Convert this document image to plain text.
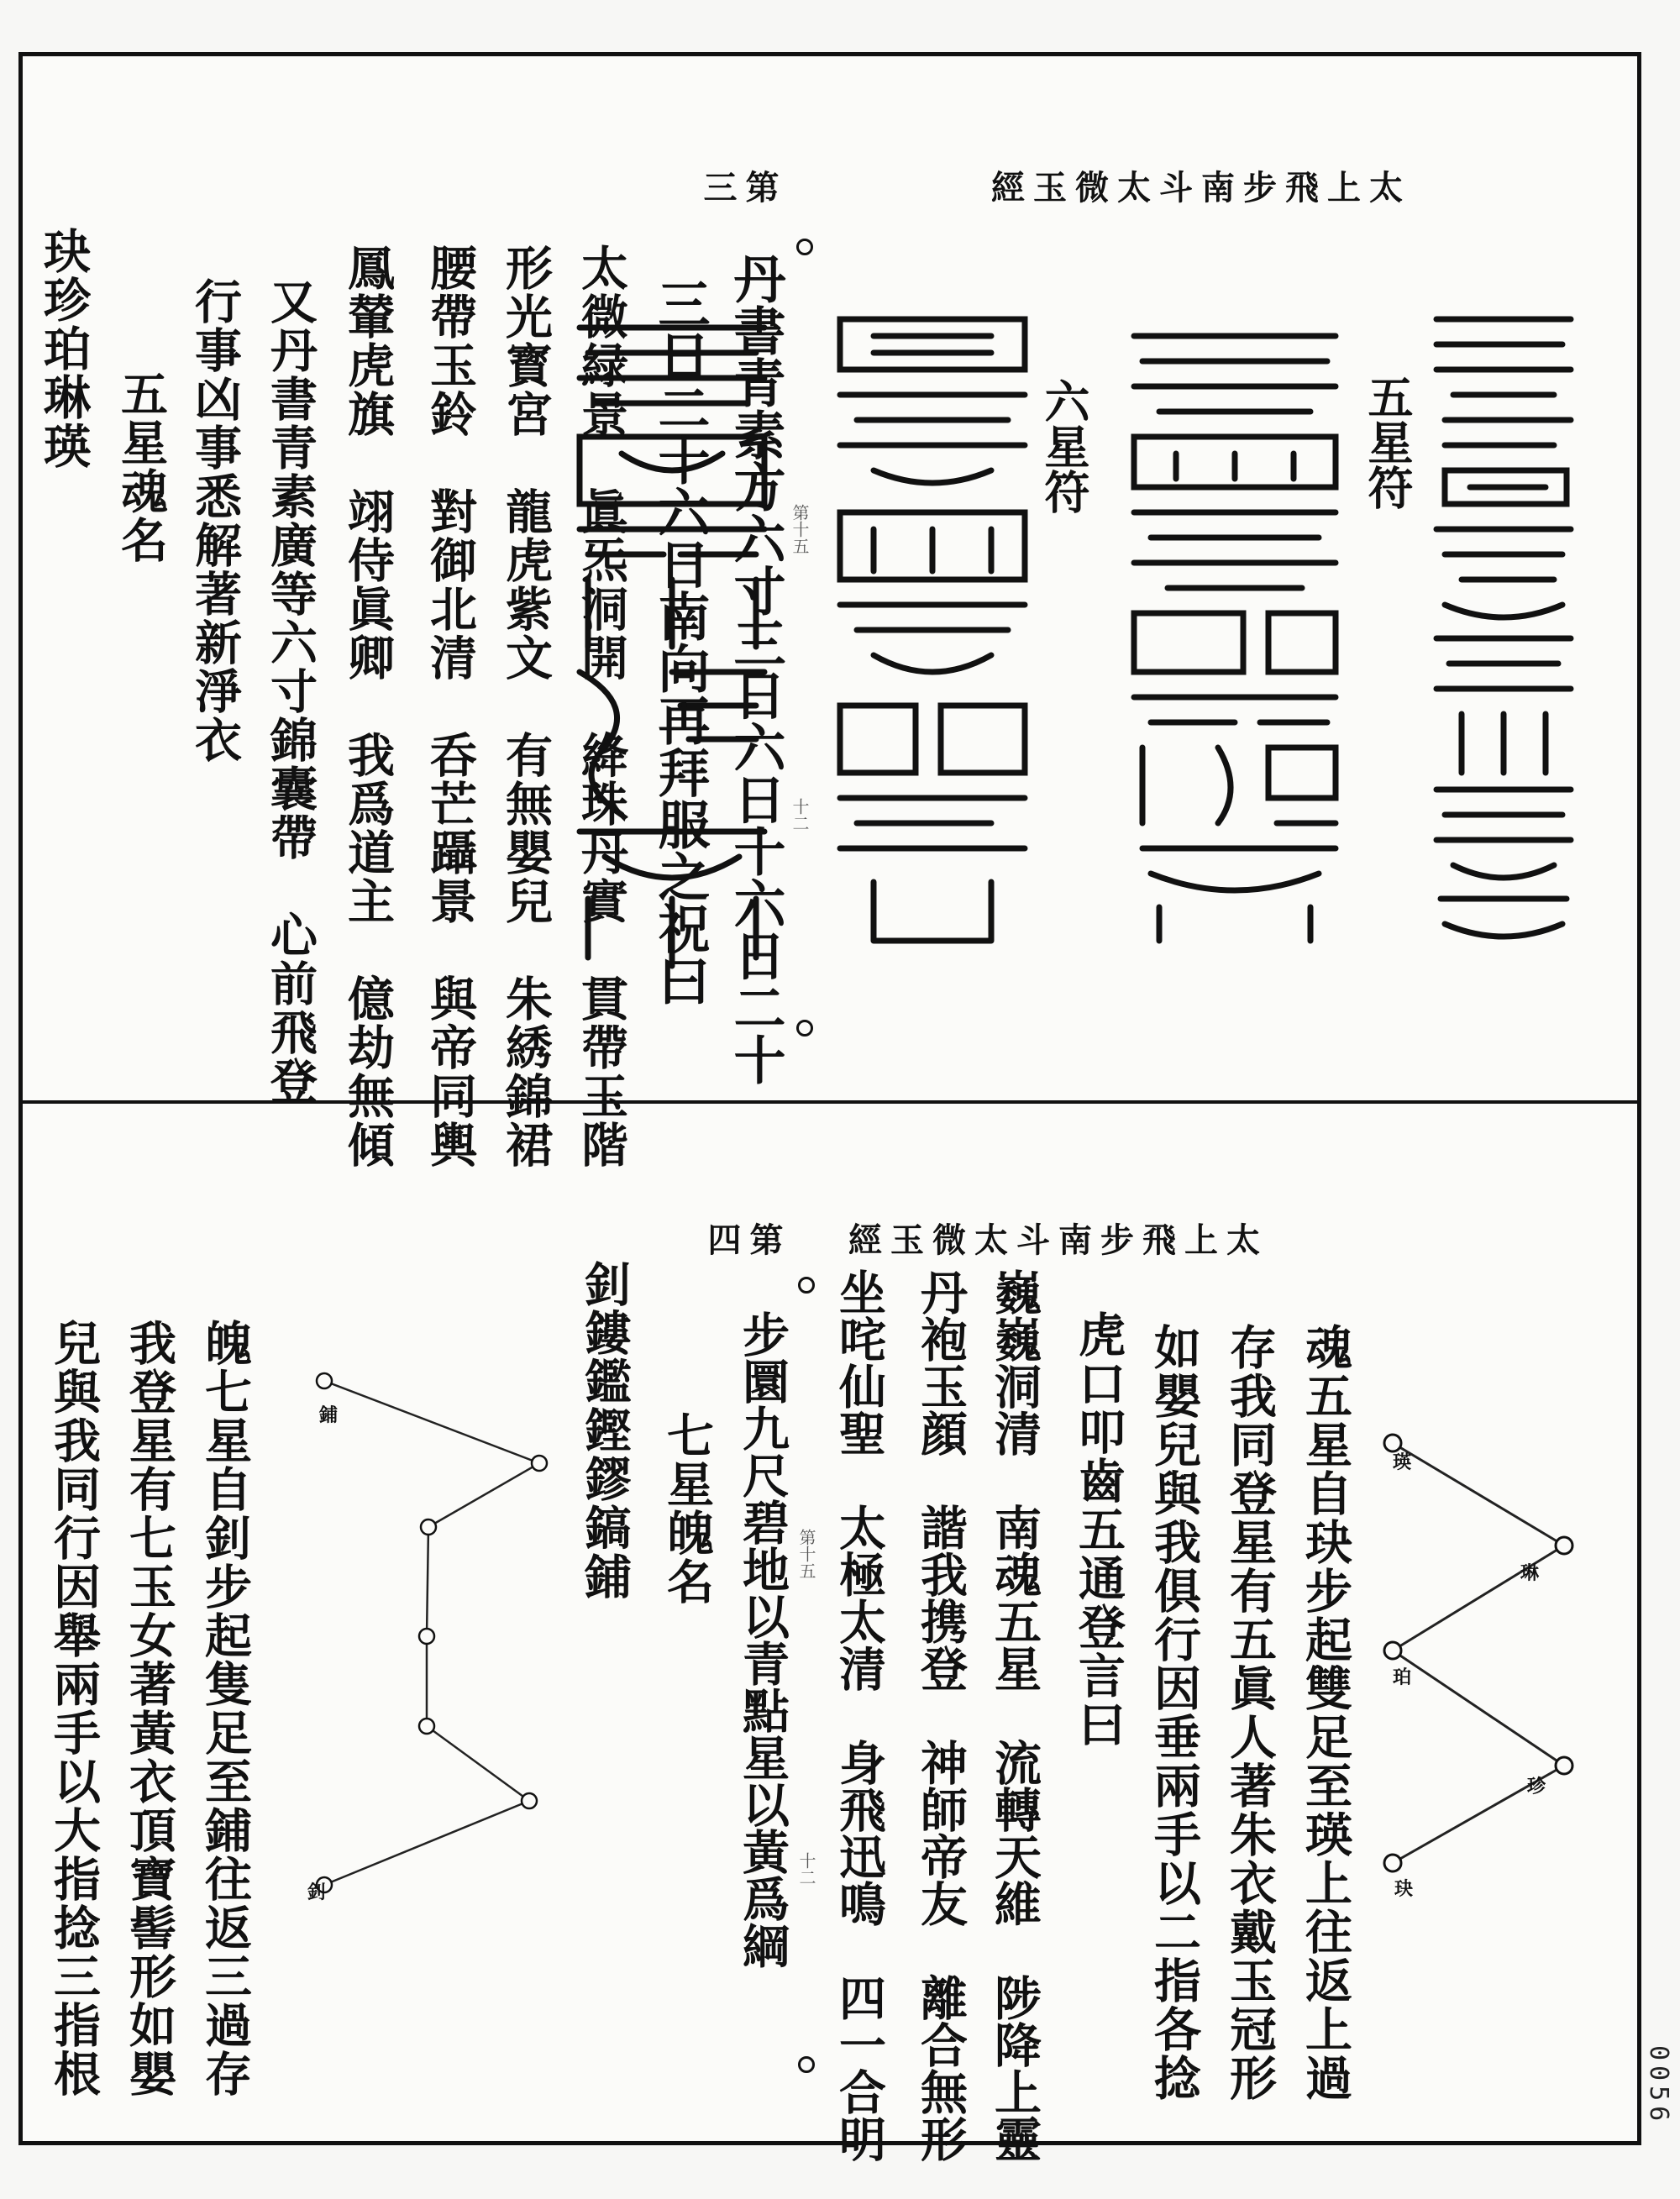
0056
太上飛步南斗太微玉經
第三
五星符
六星符
第十五
十二
丹書青素方六寸三日六日十六日二十
三日二十六日南向再拜服之祝曰
太微緑景　眞炁洞開　絳珠丹實　貫帶玉階
形光寳宮　龍虎紫文　有無嬰兒　朱綉錦裙
腰帶玉鈴　對御北清　呑芒躡景　與帝同輿
鳳輦虎旗　翊侍眞卿　我爲道主　億劫無傾
又丹書青素廣等六寸錦囊帶　心前飛登
行事凶事悉解著新淨衣
五星魂名
玦珍珀琳瑛
太上飛步南斗太微玉經
第四
瑛
琳
珀
珍
玦
魂五星自玦步起雙足至瑛上往返上過
存我同登星有五眞人著朱衣戴玉冠形
如嬰兒與我俱行因垂兩手以二指各捻
虎口叩齒五通登言曰
巍巍洞清　南魂五星　流轉天維　陟降上靈
丹袍玉顔　諧我携登　神師帝友　離合無形
坐咤仙聖　太極太清　身飛迅鳴　四一合明
第十五
十二
步圜九尺碧地以青點星以黃爲綱
七星魄名
釗鏤鑑鏗鏐鎬鋪
鋪
釗
魄七星自釗步起隻足至鋪往返三過存
我登星有七玉女著黃衣頂寶髻形如嬰
兒與我同行因舉兩手以大指捻三指根
